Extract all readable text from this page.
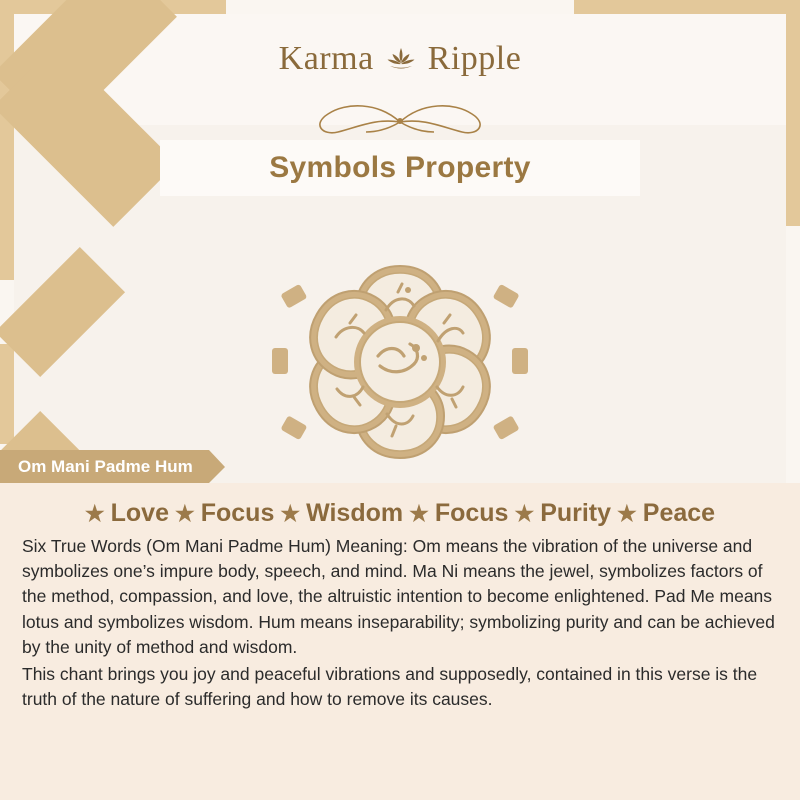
Karma Ripple
Symbols Property
Om Mani Padme Hum
★ Love ★ Focus ★ Wisdom ★ Focus ★ Purity ★ Peace

Six True Words (Om Mani Padme Hum) Meaning: Om means the vibration of the universe and symbolizes one’s impure body, speech, and mind. Ma Ni means the jewel, symbolizes factors of the method, compassion, and love, the altruistic intention to become enlightened. Pad Me means lotus and symbolizes wisdom. Hum means inseparability; symbolizing purity and can be achieved by the unity of method and wisdom.

This chant brings you joy and peaceful vibrations and supposedly, contained in this verse is the truth of the nature of suffering and how to remove its causes.
